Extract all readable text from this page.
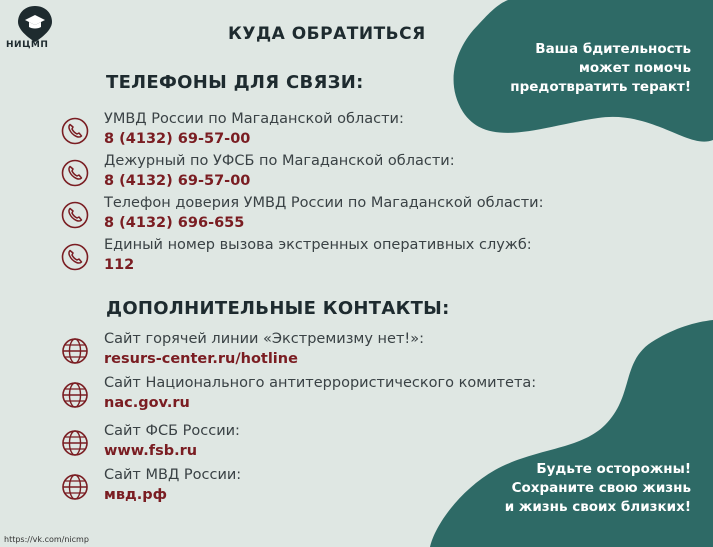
НИЦМП
КУДА ОБРАТИТЬСЯ
Ваша бдительность
может помочь
предотвратить теракт!
ТЕЛЕФОНЫ ДЛЯ СВЯЗИ:
УМВД России по Магаданской области:
8 (4132) 69-57-00
Дежурный по УФСБ по Магаданской области:
8 (4132) 69-57-00
Телефон доверия УМВД России по Магаданской области:
8 (4132) 696-655
Единый номер вызова экстренных оперативных служб:
112
ДОПОЛНИТЕЛЬНЫЕ КОНТАКТЫ:
Сайт горячей линии «Экстремизму нет!»:
resurs-center.ru/hotline
Сайт Национального антитеррористического комитета:
nac.gov.ru
Сайт ФСБ России:
www.fsb.ru
Сайт МВД России:
мвд.рф
Будьте осторожны!
Сохраните свою жизнь
и жизнь своих близких!
https://vk.com/nicmp
